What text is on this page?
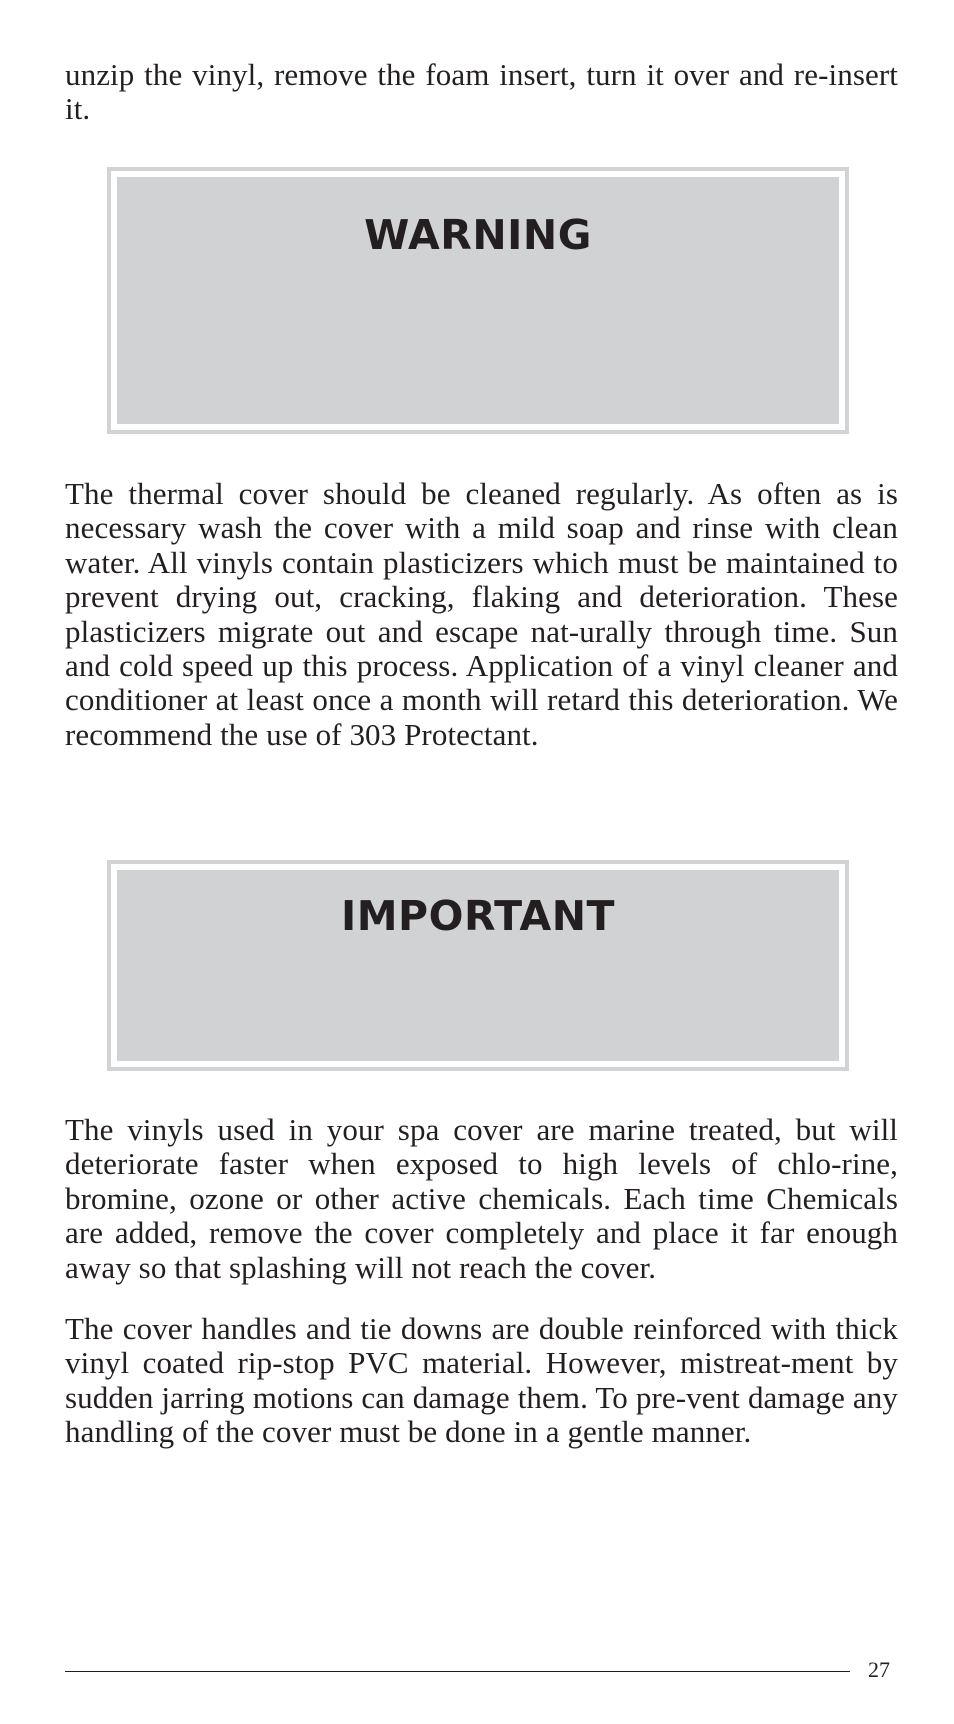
unzip the vinyl, remove the foam insert, turn it over and re-insert it.

WARNING

The thermal cover should be cleaned regularly. As often as is necessary wash the cover with a mild soap and rinse with clean water. All vinyls contain plasticizers which must be maintained to prevent drying out, cracking, flaking and deterioration. These plasticizers migrate out and escape nat-urally through time. Sun and cold speed up this process. Application of a vinyl cleaner and conditioner at least once a month will retard this deterioration. We recommend the use of 303 Protectant.

IMPORTANT

The vinyls used in your spa cover are marine treated, but will deteriorate faster when exposed to high levels of chlo-rine, bromine, ozone or other active chemicals. Each time Chemicals are added, remove the cover completely and place it far enough away so that splashing will not reach the cover.

The cover handles and tie downs are double reinforced with thick vinyl coated rip-stop PVC material. However, mistreat-ment by sudden jarring motions can damage them. To pre-vent damage any handling of the cover must be done in a gentle manner.

27
